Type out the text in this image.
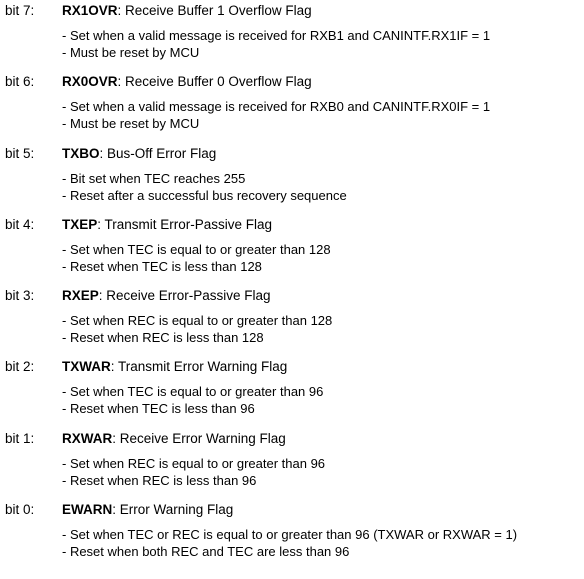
bit 7: RX1OVR: Receive Buffer 1 Overflow Flag
- Set when a valid message is received for RXB1 and CANINTF.RX1IF = 1
- Must be reset by MCU
bit 6: RX0OVR: Receive Buffer 0 Overflow Flag
- Set when a valid message is received for RXB0 and CANINTF.RX0IF = 1
- Must be reset by MCU
bit 5: TXBO: Bus-Off Error Flag
- Bit set when TEC reaches 255
- Reset after a successful bus recovery sequence
bit 4: TXEP: Transmit Error-Passive Flag
- Set when TEC is equal to or greater than 128
- Reset when TEC is less than 128
bit 3: RXEP: Receive Error-Passive Flag
- Set when REC is equal to or greater than 128
- Reset when REC is less than 128
bit 2: TXWAR: Transmit Error Warning Flag
- Set when TEC is equal to or greater than 96
- Reset when TEC is less than 96
bit 1: RXWAR: Receive Error Warning Flag
- Set when REC is equal to or greater than 96
- Reset when REC is less than 96
bit 0: EWARN: Error Warning Flag
- Set when TEC or REC is equal to or greater than 96 (TXWAR or RXWAR = 1)
- Reset when both REC and TEC are less than 96
